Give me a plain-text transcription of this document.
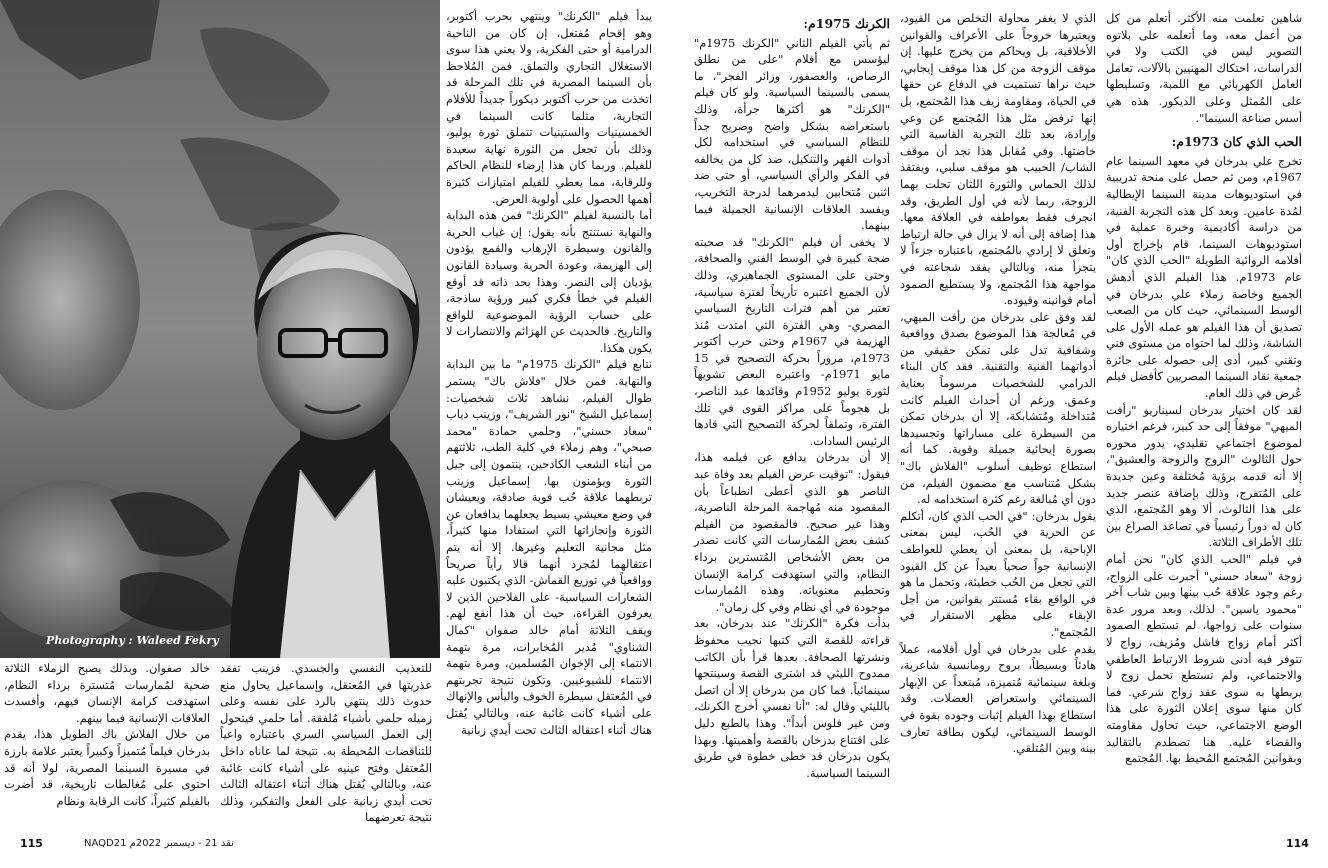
Photography : Waleed Fekry

يبدأ فيلم "الكرنك" وينتهي بحرب أكتوبر، وهو إقحام مُفتعل، إن كان من الناحية الدرامية أو حتى الفكرية، ولا يعني هذا سوى الاستغلال التجاري والتملق. فمن المُلاحظ بأن السينما المصرية في تلك المرحلة قد اتخذت من حرب أكتوبر ديكوراً جديداً للأفلام التجارية، مثلما كانت السينما في الخمسينيات والستينيات تتملق ثورة يوليو، وذلك بأن تجعل من الثورة نهاية سعيدة للفيلم. وربما كان هذا إرضاء للنظام الحاكم وللرقابة، مما يعطي للفيلم امتيازات كثيرة أهمها الحصول على أولوية العرض.

أما بالنسبة لفيلم "الكرنك" فمن هذه البداية والنهاية نستنتج بأنه يقول: إن غياب الحرية والقانون وسيطرة الإرهاب والقمع يؤدون إلى الهزيمة، وعودة الحرية وسيادة القانون يؤديان إلى النصر. وهذا بحد ذاته قد أوقع الفيلم في خطأ فكري كبير ورؤية ساذجة، على حساب الرؤية الموضوعية للواقع والتاريخ. فالحديث عن الهزائم والانتصارات لا يكون هكذا.

نتابع فيلم "الكرنك 1975م" ما بين البداية والنهاية. فمن خلال "فلاش باك" يستمر طوال الفيلم، نشاهد ثلاث شخصيات: إسماعيل الشيخ "نور الشريف"، وزينب دياب "سعاد حسني"، وحلمي حمادة "محمد صبحي"، وهم زملاء في كلية الطب، ثلاثتهم من أبناء الشعب الكادحين، ينتمون إلى جيل الثورة ويؤمنون بها. إسماعيل وزينب تربطهما علاقة حُب قوية صادقة، ويعيشان في وضع معيشي بسيط يجعلهما يدافعان عن الثورة وإنجازاتها التي استفادا منها كثيراً، مثل مجانية التعليم وغيرها. إلا أنه يتم اعتقالهما لمُجرد أنهما قالا رأياً صريحاً وواقعياً في توزيع القماش- الذي يكتبون عليه الشعارات السياسية- على الفلاحين الذين لا يعرفون القراءة، حيث أن هذا أنفع لهم. ويقف الثلاثة أمام خالد صفوان "كمال الشناوي" مُدير المُخابرات، مرة بتهمة الانتماء إلى الإخوان المُسلمين، ومرة بتهمة الانتماء للشيوعيين. وتكون نتيجة تجربتهم في المُعتقل سيطرة الخوف واليأس والإنهاك على أشياء كانت غائبة عنه، وبالتالي يُقتل هناك أثناء اعتقاله الثالث تحت أيدي زبانية

للتعذيب النفسي والجسدي. فزينب تفقد عذريتها في المُعتقل، وإسماعيل يحاول منع حدوث ذلك ينتهي بالرد على نفسه وعلى زميله حلمي بأشياء مُلفقة. أما حلمي فيتحول إلى العمل السياسي السري باعتباره واعياً للتناقضات المُحيطة به. نتيجة لما عاناه داخل المُعتقل وفتح عينيه على أشياء كانت غائبة عنه، وبالتالي يُقتل هناك أثناء اعتقاله الثالث تحت أيدي زبانية على الفعل والتفكير، وذلك نتيجة تعرضهما

خالد صفوان. وبذلك يصبح الزملاء الثلاثة ضحية لمُمارسات مُتسترة برداء النظام، استهدفت كرامة الإنسان فيهم، وأفسدت العلاقات الإنسانية فيما بينهم.

من خلال الفلاش باك الطويل هذا، يقدم بدرخان فيلماً مُتميزاً وكبيراً يعتبر علامة بارزة في مسيرة السينما المصرية، لولا أنه قد احتوى على مُغالطات تاريخية، قد أضرت بالفيلم كثيراً، كانت الرقابة ونظام

115	نقد 21 - ديسمبر 2022م NAQD21

الكرنك 1975م:

ثم يأتي الفيلم الثاني "الكرنك 1975م" ليؤسس مع أفلام "على من نطلق الرصاص، والعصفور، وزائر الفجر"، ما يسمى بالسينما السياسية. ولو كان فيلم "الكرنك" هو أكثرها جرأة، وذلك باستعراضه بشكل واضح وصريح جداً للنظام السياسي في استخدامه لكل أدوات القهر والتنكيل، ضد كل من يخالفه في الفكر والرأي السياسي، أو حتى ضد اثنين مُتحابين ليدمرهما لدرجة التخريب، ويفسد العلاقات الإنسانية الجميلة فيما بينهما.

لا يخفى أن فيلم "الكرنك" قد صحبته ضجة كبيرة في الوسط الفني والصحافة، وحتى على المستوى الجماهيري، وذلك لأن الجميع اعتبره تأريخاً لفترة سياسية، تعتبر من أهم فترات التاريخ السياسي المصري- وهي الفترة التي امتدت مُنذ الهزيمة في 1967م وحتى حرب أكتوبر 1973م، مروراً بحركة التصحيح في 15 مايو 1971م- واعتبره البعض تشويهاً لثورة يوليو 1952م وقائدها عبد الناصر، بل هجوماً على مراكز القوى في تلك الفترة، وتملقاً لحركة التصحيح التي قادها الرئيس السادات.

إلا أن بدرخان يدافع عن فيلمه هذا، فيقول: "توقيت عرض الفيلم بعد وفاة عبد الناصر هو الذي أعطى انطباعاً بأن المقصود منه مُهاجمة المرحلة الناصرية، وهذا غير صحيح. فالمقصود من الفيلم كشف بعض المُمارسات التي كانت تصدر من بعض الأشخاص المُتسترين برداء النظام، والتي استهدفت كرامة الإنسان وتحطيم معنوياته. وهذه المُمارسات موجودة في أي نظام وفي كل زمان".

بدأت فكرة "الكرنك" عند بدرخان، بعد قراءته للقصة التي كتبها نجيب محفوظ ونشرتها الصحافة. بعدها قرأ بأن الكاتب ممدوح الليثي قد اشترى القصة وسينتجها سينمائياً. فما كان من بدرخان إلا أن اتصل بالليثي وقال له: "أنا نفسي أخرج الكرنك، ومن غير فلوس أبداً". وهذا بالطبع دليل على اقتناع بدرخان بالقصة وأهميتها. وبهذا يكون بدرخان قد خطى خطوة في طريق السينما السياسية.

الذي لا يغفر محاولة التخلص من القيود، ويعتبرها خروجاً على الأعراف والقوانين الأخلاقية، بل ويحاكم من يخرج عليها. إن موقف الزوجة من كل هذا موقف إيجابي، حيث نراها تستميت في الدفاع عن حقها في الحياة، ومقاومة زيف هذا المُجتمع، بل إنها ترفض مثل هذا المُجتمع عن وعي وإرادة، بعد تلك التجربة القاسية التي خاضتها. وفي مُقابل هذا نجد أن موقف الشاب/ الحبيب هو موقف سلبي، ويفتقد لذلك الحماس والثورة اللتان تحلت بهما الزوجة، ربما لأنه في أول الطريق، وقد انجرف فقط بعواطفه في العلاقة معها. هذا إضافة إلى أنه لا يزال في حالة ارتباط وتعلق لا إرادي بالمُجتمع، باعتباره جزءاً لا يتجزأ منه، وبالتالي يفقد شجاعته في مواجهة هذا المُجتمع، ولا يستطيع الصمود أمام قوانينه وقيوده.

لقد وفق على بدرخان من رأفت الميهي، في مُعالجة هذا الموضوع بصدق وواقعية وشفافية تدل على تمكن حقيقي من أدواتهما الفنية والتقنية. فقد كان البناء الدرامي للشخصيات مرسوماً بعناية وعمق. ورغم أن أحداث الفيلم كانت مُتداخلة ومُتشابكة، إلا أن بدرخان تمكن من السيطرة على مساراتها وتجسيدها بصورة إيحائية جميلة وقوية. كما أنه استطاع توظيف أسلوب "الفلاش باك" بشكل مُتناسب مع مضمون الفيلم، من دون أي مُبالغة رغم كثرة استخدامه له.

يقول بدرخان: "في الحب الذي كان، أتكلم عن الحرية في الحُب، ليس بمعنى الإباحية، بل بمعنى أن يعطي للعواطف الإنسانية جواً صحياً بعيداً عن كل القيود التي تجعل من الحُب خطيئة، وتحمل ما هو في الواقع بقاء مُستتر بقوانين، من أجل الإبقاء على مظهر الاستقرار في المُجتمع".

يقدم على بدرخان في أول أفلامه، عملاً هادئاً وبسيطاً، بروح رومانسية شاعرية، وبلغة سينمائية مُتميزة، مُبتعداً عن الإبهار السينمائي واستعراض العضلات. وقد استطاع بهذا الفيلم إثبات وجوده بقوة في الوسط السينمائي، ليكون بطاقة تعارف بينه وبين المُتلقي.

شاهين تعلمت منه الأكثر. أتعلم من كل من أعمل معه، وما أتعلمه على بلاتوه التصوير ليس في الكتب ولا في الدراسات، احتكاك المهنيين بالآلات، تعامل العامل الكهربائي مع اللمبة، وتسليطها على المُمثل وعلى الديكور. هذه هي أسس صناعة السينما".

الحب الذي كان 1973م:

تخرج علي بدرخان في معهد السينما عام 1967م، ومن ثم حصل على منحة تدريبية في استوديوهات مدينة السينما الإيطالية لمُدة عامين. وبعد كل هذه التجربة الفنية، من دراسة أكاديمية وخبرة عملية في استوديوهات السينما، قام بإخراج أول أفلامه الروائية الطويلة "الحب الذي كان" عام 1973م. هذا الفيلم الذي أدهش الجميع وخاصة زملاء علي بدرخان في الوسط السينمائي، حيث كان من الصعب تصديق أن هذا الفيلم هو عمله الأول على الشاشة، وذلك لما احتواه من مستوى فني وتقني كبير، أدى إلى حصوله على جائزة جمعية نقاد السينما المصريين كأفضل فيلم عُرض في ذلك العام.

لقد كان اختيار بدرخان لسيناريو "رأفت الميهي" موفقاً إلى حد كبير، فرغم اختياره لموضوع اجتماعي تقليدي، يدور محوره حول الثالوث "الزوج والزوجة والعشيق"، إلا أنه قدمه برؤية مُختلفة وعين جديدة على المُتفرج، وذلك بإضافة عنصر جديد على هذا الثالوث، ألا وهو المُجتمع، الذي كان له دوراً رئيسياً في تصاعد الصراع بين تلك الأطراف الثلاثة.

في فيلم "الحب الذي كان" نحن أمام زوجة "سعاد حسني" أجبرت على الزواج، رغم وجود علاقة حُب بينها وبين شاب آخر "محمود ياسين". لذلك، وبعد مرور عدة سنوات على زواجها، لم تستطع الصمود أكثر أمام زواج فاشل ومُزيف، زواج لا تتوفر فيه أدنى شروط الارتباط العاطفي والاجتماعي، ولم تستطع تحمل زوج لا يربطها به سوى عقد زواج شرعي. فما كان منها سوى إعلان الثورة على هذا الوضع الاجتماعي، حيث تحاول مقاومته والقضاء عليه. هنا تصطدم بالتقاليد وبقوانين المُجتمع المُحيط بها. المُجتمع

114
